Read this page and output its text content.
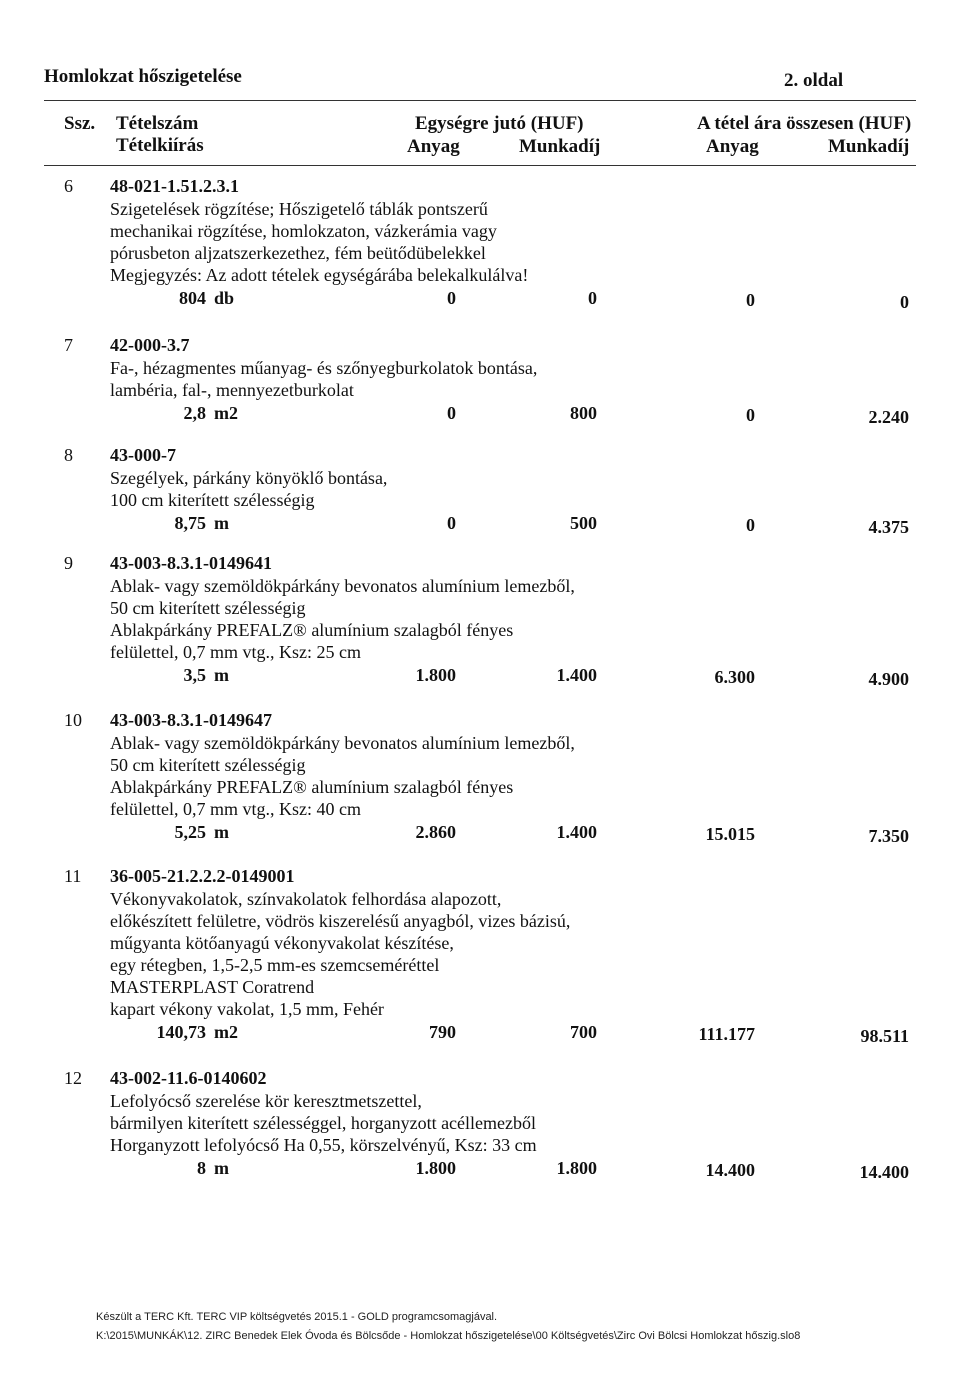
Homlokzat hőszigetelése	2. oldal
Ssz. Tételszám
Tételkiírás
Egységre jutó (HUF)
Anyag	Munkadíj
A tétel ára összesen (HUF)
Anyag	Munkadíj
6 48-021-1.51.2.3.1
Szigetelések rögzítése; Hőszigetelő táblák pontszerű
mechanikai rögzítése, homlokzaton, vázkerámia vagy
pórusbeton aljzatszerkezethez, fém beütődübelekkel
Megjegyzés: Az adott tételek egységárába belekalkulálva!
804 db	0	0	0	0
7 42-000-3.7
Fa-, hézagmentes műanyag- és szőnyegburkolatok bontása,
lambéria, fal-, mennyezetburkolat
2,8 m2	0	800	0	2.240
8 43-000-7
Szegélyek, párkány könyöklő bontása,
100 cm kiterített szélességig
8,75 m	0	500	0	4.375
9 43-003-8.3.1-0149641
Ablak- vagy szemöldökpárkány bevonatos alumínium lemezből,
50 cm kiterített szélességig
Ablakpárkány PREFALZ® alumínium szalagból fényes
felülettel, 0,7 mm vtg., Ksz: 25 cm
3,5 m	1.800	1.400	6.300	4.900
10 43-003-8.3.1-0149647
Ablak- vagy szemöldökpárkány bevonatos alumínium lemezből,
50 cm kiterített szélességig
Ablakpárkány PREFALZ® alumínium szalagból fényes
felülettel, 0,7 mm vtg., Ksz: 40 cm
5,25 m	2.860	1.400	15.015	7.350
11 36-005-21.2.2.2-0149001
Vékonyvakolatok, színvakolatok felhordása alapozott,
előkészített felületre, vödrös kiszerelésű anyagból, vizes bázisú,
műgyanta kötőanyagú vékonyvakolat készítése,
egy rétegben, 1,5-2,5 mm-es szemcseméréttel
MASTERPLAST Coratrend
kapart vékony vakolat, 1,5 mm, Fehér
140,73 m2	790	700	111.177	98.511
12 43-002-11.6-0140602
Lefolyócső szerelése kör keresztmetszettel,
bármilyen kiterített szélességgel, horganyzott acéllemezből
Horganyzott lefolyócső Ha 0,55, körszelvényű, Ksz: 33 cm
8 m	1.800	1.800	14.400	14.400
Készült a TERC Kft. TERC VIP költségvetés 2015.1 - GOLD programcsomagjával.
K:\2015\MUNKÁK\12. ZIRC Benedek Elek Óvoda és Bölcsőde - Homlokzat hőszigetelése\00 Költségvetés\Zirc Ovi Bölcsi Homlokzat hőszig.slo8
